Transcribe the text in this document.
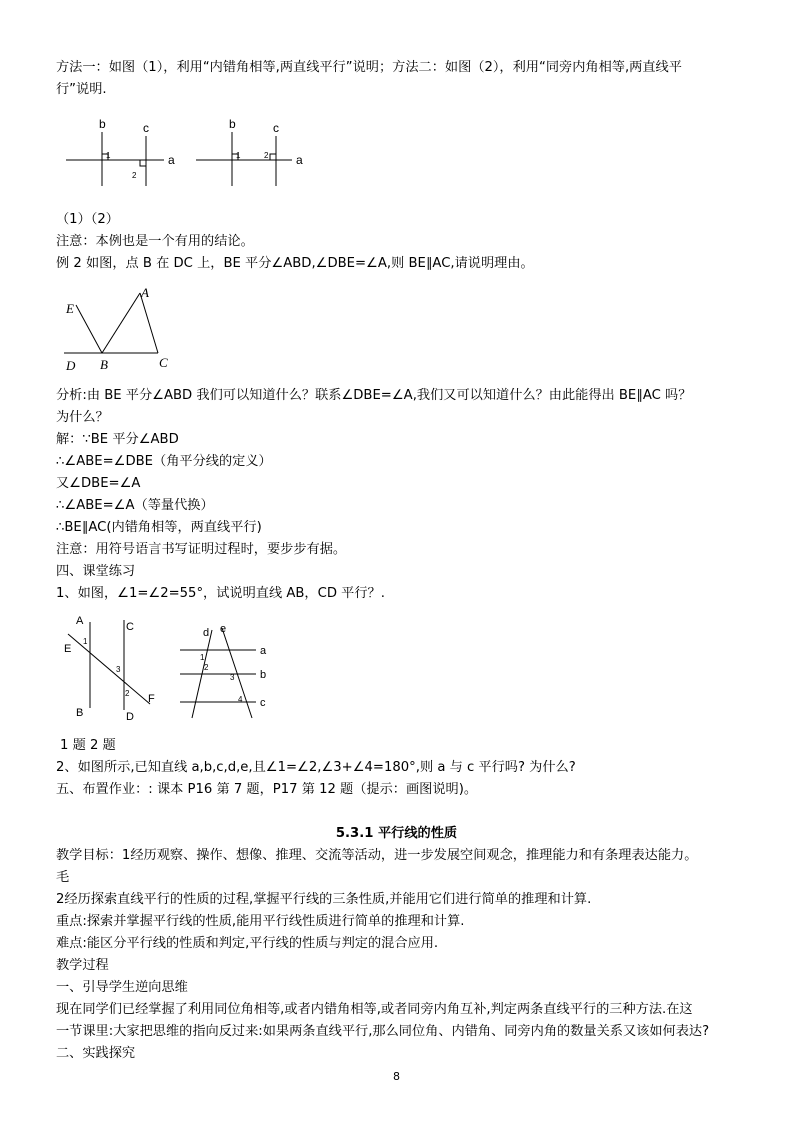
方法一：如图（1），利用“内错角相等,两直线平行”说明；方法二：如图（2），利用“同旁内角相等,两直线平
行”说明.
b	c
a
1
2
b	c
a
1	2
（1）（2）
注意：本例也是一个有用的结论。
例 2 如图，点 B 在 DC 上，BE 平分∠ABD,∠DBE=∠A,则 BE∥AC,请说明理由。
E
A
D B	C
分析:由 BE 平分∠ABD 我们可以知道什么？联系∠DBE=∠A,我们又可以知道什么？由此能得出 BE∥AC 吗？
为什么？
解：∵BE 平分∠ABD
∴∠ABE=∠DBE（角平分线的定义）
又∠DBE=∠A
∴∠ABE=∠A（等量代换）
∴BE∥AC(内错角相等，两直线平行)
注意：用符号语言书写证明过程时，要步步有据。
四、课堂练习
1、如图，∠1=∠2=55°，试说明直线 AB，CD 平行？.
A	C
E
1
3
2 F
B	D
d e
a
b
c
1
2
3
4
1 题 2 题
2、如图所示,已知直线 a,b,c,d,e,且∠1=∠2,∠3+∠4=180°,则 a 与 c 平行吗? 为什么?
五、布置作业：: 课本 P16 第 7 题，P17 第 12 题（提示：画图说明)。
5.3.1 平行线的性质
教学目标：1经历观察、操作、想像、推理、交流等活动，进一步发展空间观念，推理能力和有条理表达能力。
毛
2经历探索直线平行的性质的过程,掌握平行线的三条性质,并能用它们进行简单的推理和计算.
重点:探索并掌握平行线的性质,能用平行线性质进行简单的推理和计算.
难点:能区分平行线的性质和判定,平行线的性质与判定的混合应用.
教学过程
一、引导学生逆向思维
现在同学们已经掌握了利用同位角相等,或者内错角相等,或者同旁内角互补,判定两条直线平行的三种方法.在这
一节课里:大家把思维的指向反过来:如果两条直线平行,那么同位角、内错角、同旁内角的数量关系又该如何表达?
二、实践探究
8
